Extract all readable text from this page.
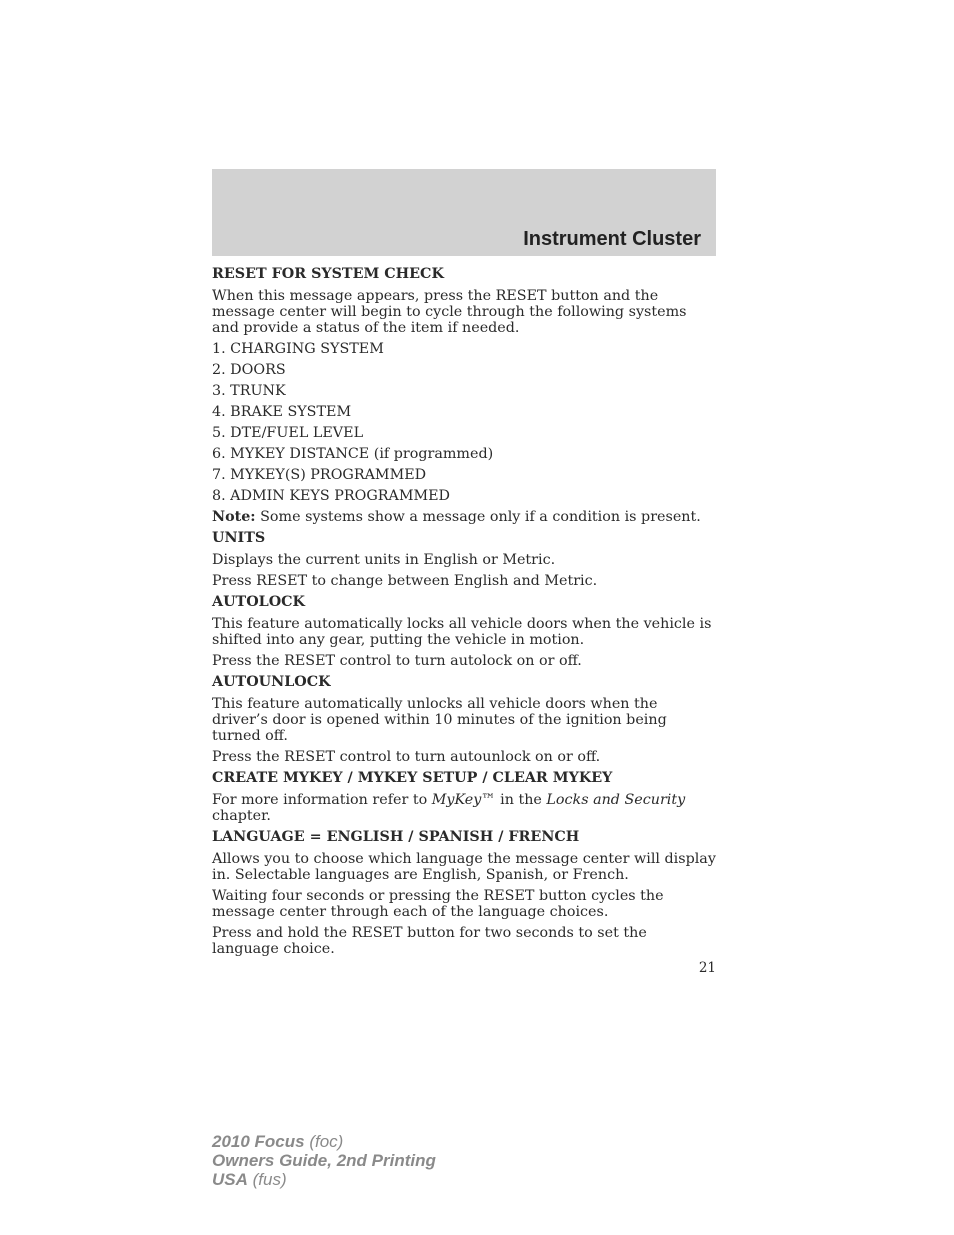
Instrument Cluster
RESET FOR SYSTEM CHECK

When this message appears, press the RESET button and the message center will begin to cycle through the following systems and provide a status of the item if needed.

1. CHARGING SYSTEM
2. DOORS
3. TRUNK
4. BRAKE SYSTEM
5. DTE/FUEL LEVEL
6. MYKEY DISTANCE (if programmed)
7. MYKEY(S) PROGRAMMED
8. ADMIN KEYS PROGRAMMED

Note: Some systems show a message only if a condition is present.

UNITS

Displays the current units in English or Metric.

Press RESET to change between English and Metric.

AUTOLOCK

This feature automatically locks all vehicle doors when the vehicle is shifted into any gear, putting the vehicle in motion.

Press the RESET control to turn autolock on or off.

AUTOUNLOCK

This feature automatically unlocks all vehicle doors when the driver’s door is opened within 10 minutes of the ignition being turned off.

Press the RESET control to turn autounlock on or off.

CREATE MYKEY / MYKEY SETUP / CLEAR MYKEY

For more information refer to MyKey™ in the Locks and Security chapter.

LANGUAGE = ENGLISH / SPANISH / FRENCH

Allows you to choose which language the message center will display in. Selectable languages are English, Spanish, or French.

Waiting four seconds or pressing the RESET button cycles the message center through each of the language choices.

Press and hold the RESET button for two seconds to set the language choice.

21
2010 Focus (foc)
Owners Guide, 2nd Printing
USA (fus)
